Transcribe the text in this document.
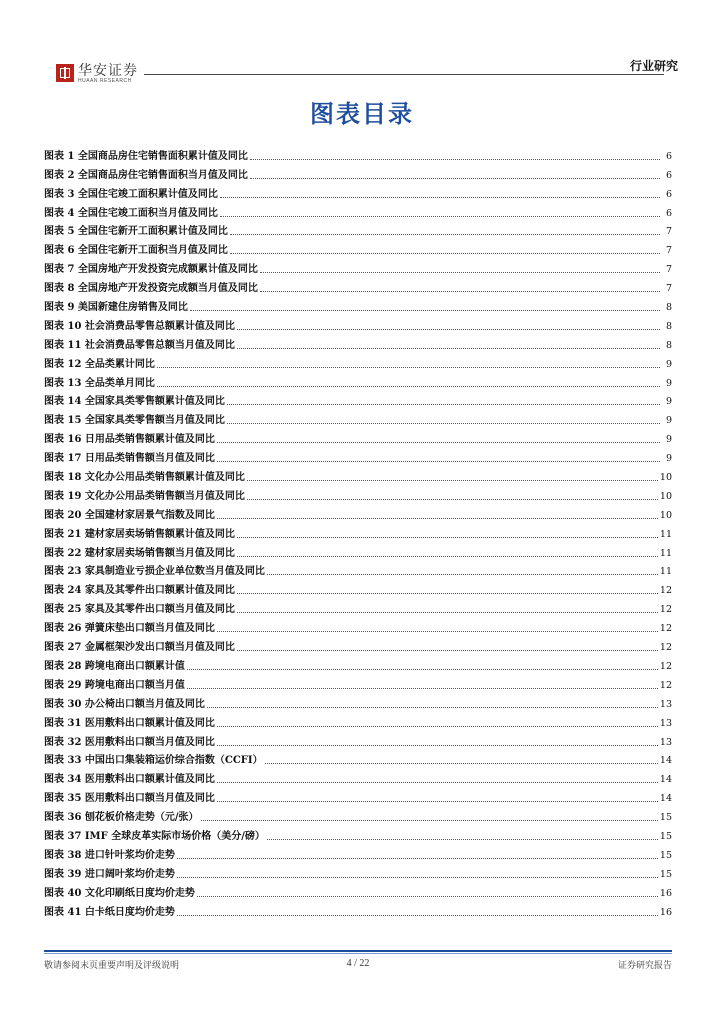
华安证券
HUAAN RESEARCH
行业研究
图表目录
图表 1 全国商品房住宅销售面积累计值及同比	6
图表 2 全国商品房住宅销售面积当月值及同比	6
图表 3 全国住宅竣工面积累计值及同比	6
图表 4 全国住宅竣工面积当月值及同比	6
图表 5 全国住宅新开工面积累计值及同比	7
图表 6 全国住宅新开工面积当月值及同比	7
图表 7 全国房地产开发投资完成额累计值及同比	7
图表 8 全国房地产开发投资完成额当月值及同比	7
图表 9 美国新建住房销售及同比	8
图表 10 社会消费品零售总额累计值及同比	8
图表 11 社会消费品零售总额当月值及同比	8
图表 12 全品类累计同比	9
图表 13 全品类单月同比	9
图表 14 全国家具类零售额累计值及同比	9
图表 15 全国家具类零售额当月值及同比	9
图表 16 日用品类销售额累计值及同比	9
图表 17 日用品类销售额当月值及同比	9
图表 18 文化办公用品类销售额累计值及同比	10
图表 19 文化办公用品类销售额当月值及同比	10
图表 20 全国建材家居景气指数及同比	10
图表 21 建材家居卖场销售额累计值及同比	11
图表 22 建材家居卖场销售额当月值及同比	11
图表 23 家具制造业亏损企业单位数当月值及同比	11
图表 24 家具及其零件出口额累计值及同比	12
图表 25 家具及其零件出口额当月值及同比	12
图表 26 弹簧床垫出口额当月值及同比	12
图表 27 金属框架沙发出口额当月值及同比	12
图表 28 跨境电商出口额累计值	12
图表 29 跨境电商出口额当月值	12
图表 30 办公椅出口额当月值及同比	13
图表 31 医用敷料出口额累计值及同比	13
图表 32 医用敷料出口额当月值及同比	13
图表 33 中国出口集装箱运价综合指数（CCFI）	14
图表 34 医用敷料出口额累计值及同比	14
图表 35 医用敷料出口额当月值及同比	14
图表 36 刨花板价格走势（元/张）	15
图表 37 IMF 全球皮革实际市场价格（美分/磅）	15
图表 38 进口针叶浆均价走势	15
图表 39 进口阔叶浆均价走势	15
图表 40 文化印刷纸日度均价走势	16
图表 41 白卡纸日度均价走势	16
敬请参阅末页重要声明及评级说明	4 / 22	证券研究报告
